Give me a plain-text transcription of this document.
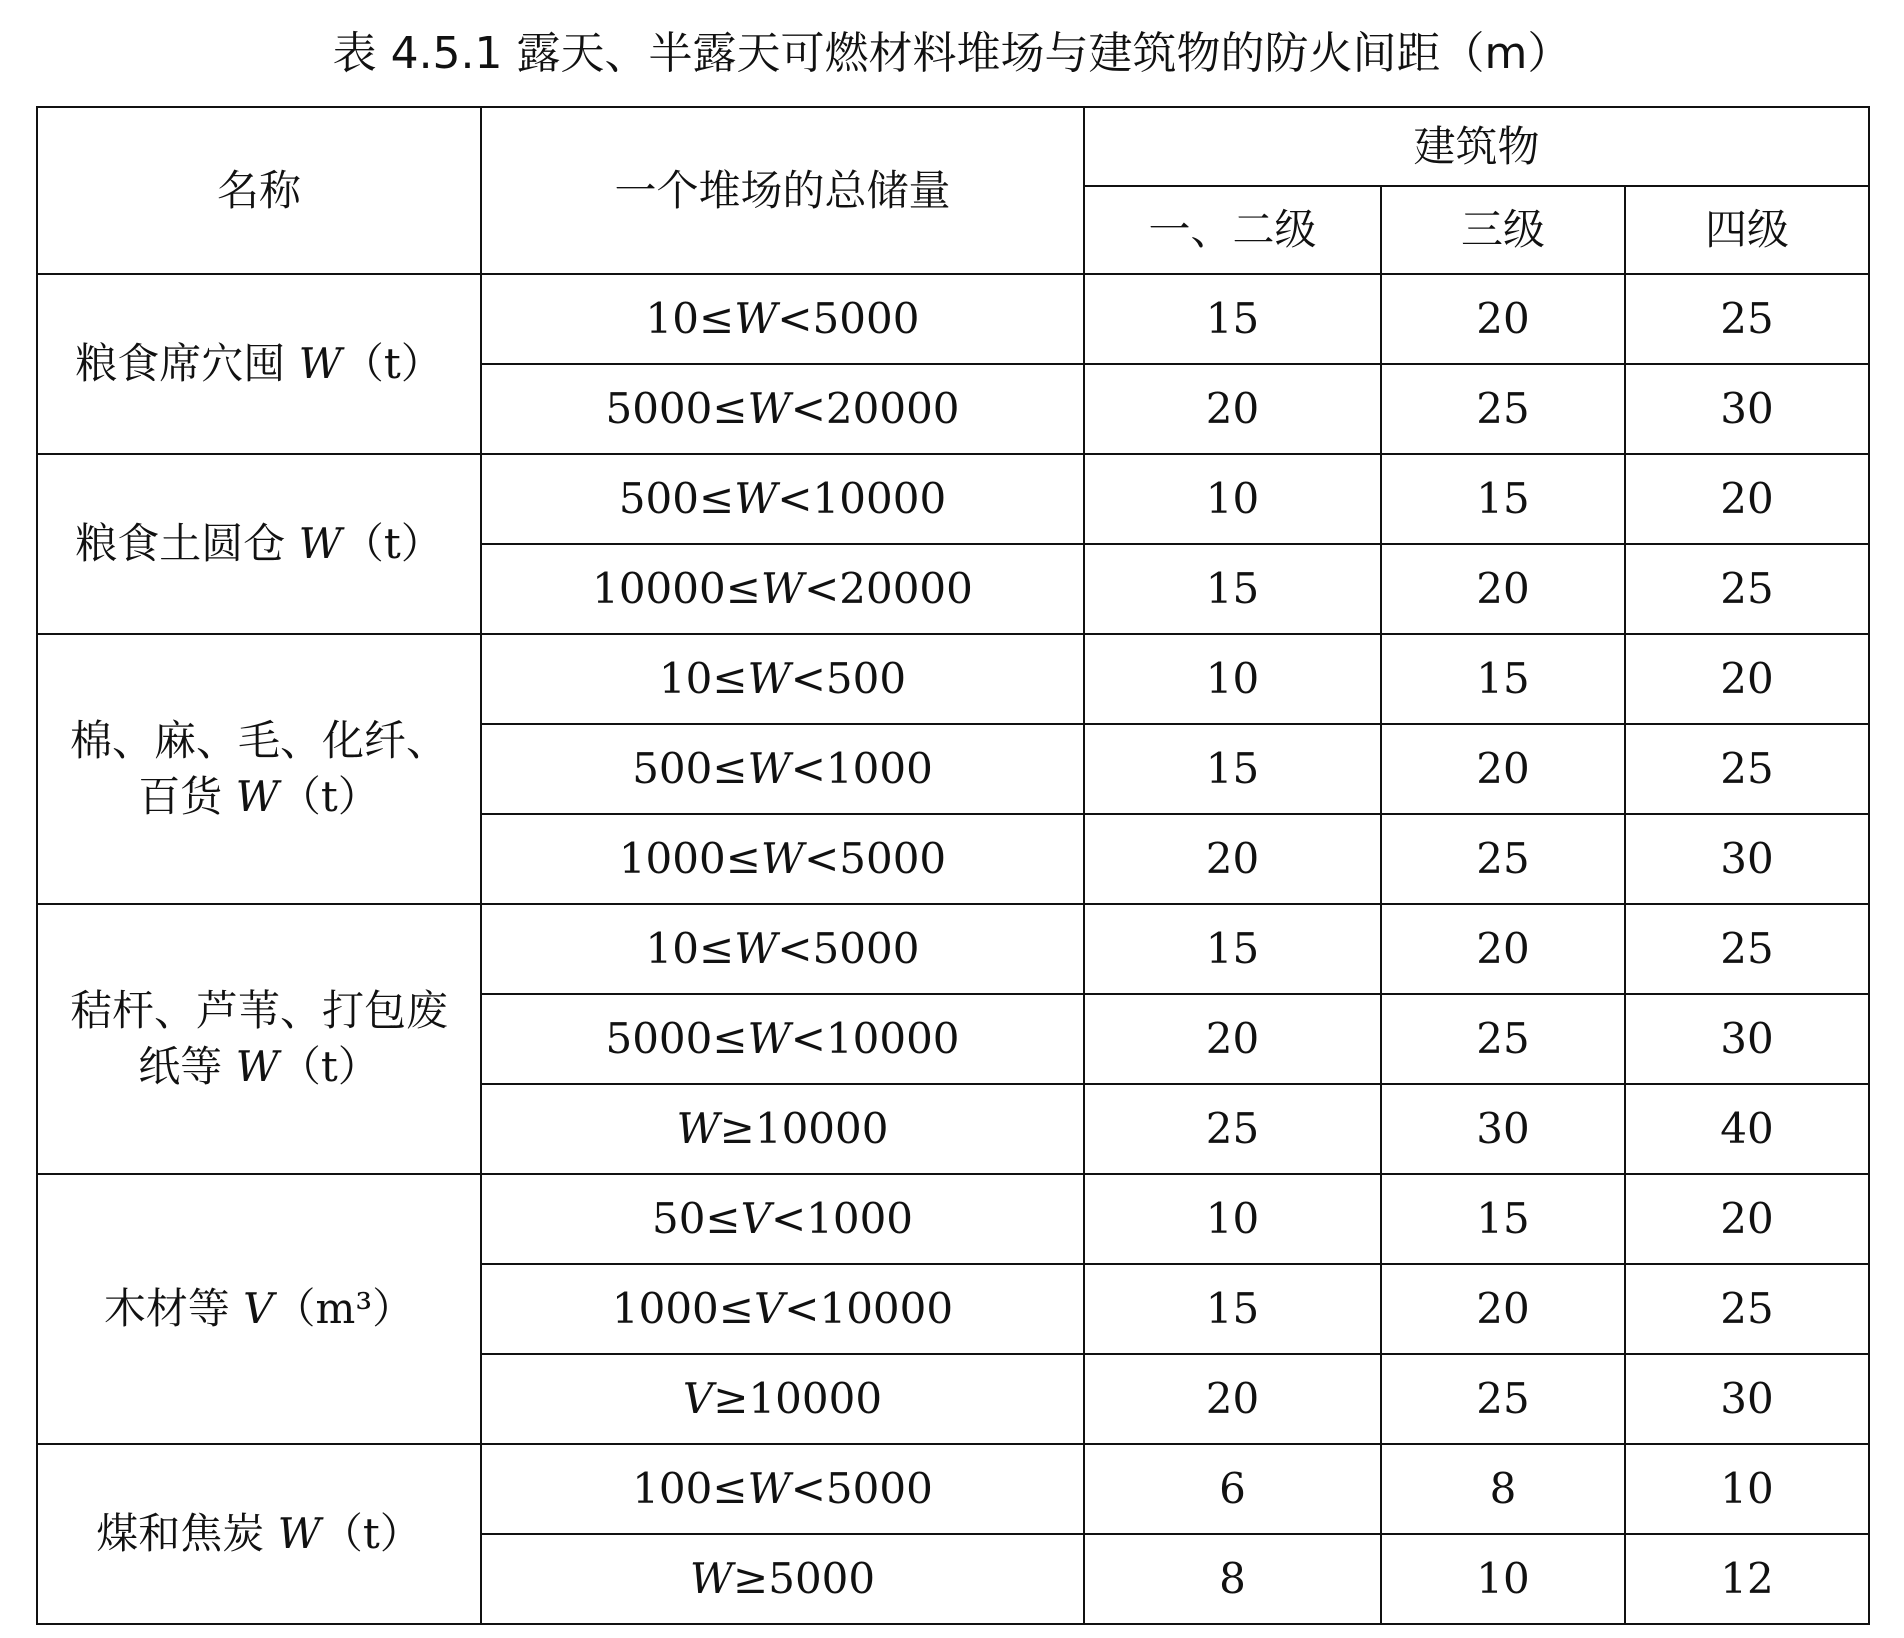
表 4.5.1 露天、半露天可燃材料堆场与建筑物的防火间距（m）
名称	一个堆场的总储量	建筑物		
		一、二级	三级	四级
粮食席穴囤 W（t）	10≤W<5000	15	20	25
	5000≤W<20000	20	25	30
粮食土圆仓 W（t）	500≤W<10000	10	15	20
	10000≤W<20000	15	20	25
棉、麻、毛、化纤、
百货 W（t）	10≤W<500	10	15	20
	500≤W<1000	15	20	25
	1000≤W<5000	20	25	30
秸杆、芦苇、打包废
纸等 W（t）	10≤W<5000	15	20	25
	5000≤W<10000	20	25	30
	W≥10000	25	30	40
木材等 V（m³）	50≤V<1000	10	15	20
	1000≤V<10000	15	20	25
	V≥10000	20	25	30
煤和焦炭 W（t）	100≤W<5000	6	8	10
	W≥5000	8	10	12
